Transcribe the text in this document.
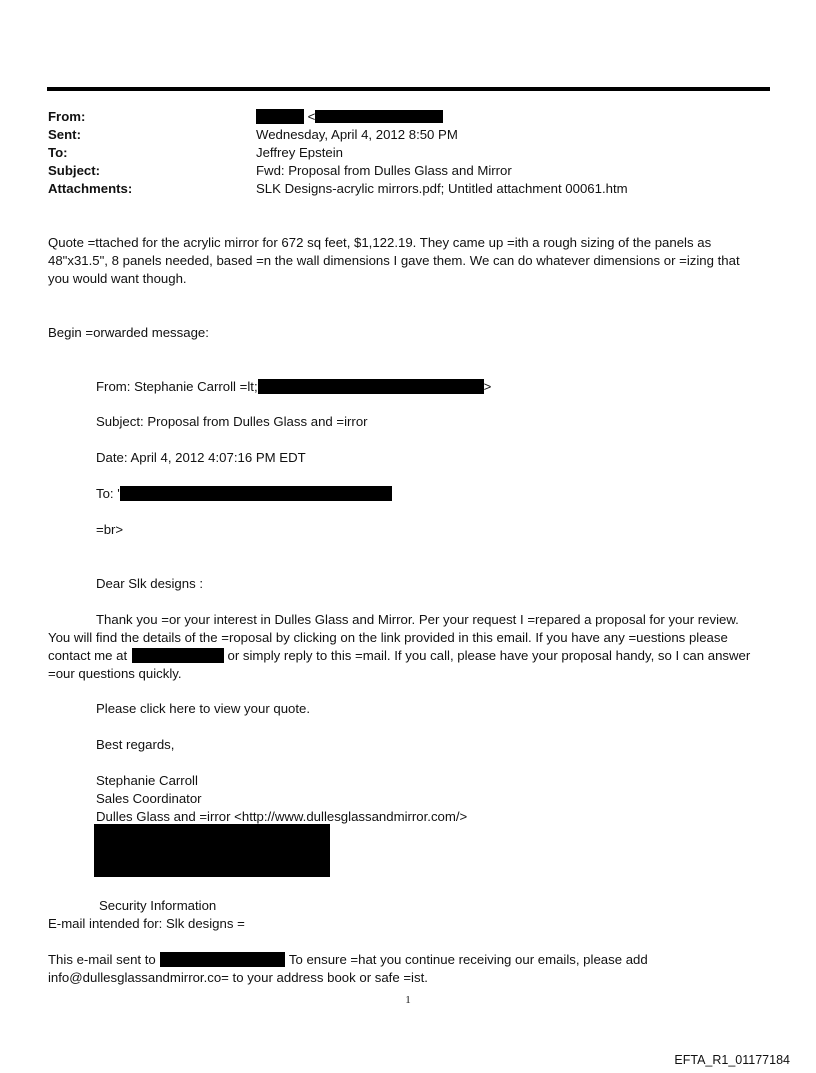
From:	<
Sent:	Wednesday, April 4, 2012 8:50 PM
To:	Jeffrey Epstein
Subject:	Fwd: Proposal from Dulles Glass and Mirror
Attachments:	SLK Designs-acrylic mirrors.pdf; Untitled attachment 00061.htm
Quote =ttached for the acrylic mirror for 672 sq feet, $1,122.19. They came up =ith a rough sizing of the panels as
48"x31.5", 8 panels needed, based =n the wall dimensions I gave them. We can do whatever dimensions or =izing that
you would want though.
Begin =orwarded message:
From: Stephanie Carroll =lt;	>
Subject: Proposal from Dulles Glass and =irror
Date: April 4, 2012 4:07:16 PM EDT
To: '
=br>
Dear Slk designs :
Thank you =or your interest in Dulles Glass and Mirror. Per your request I =repared a proposal for your review.
You will find the details of the =roposal by clicking on the link provided in this email. If you have any =uestions please
contact me at	or simply reply to this =mail. If you call, please have your proposal handy, so I can answer
=our questions quickly.
Please click here to view your quote.
Best regards,
Stephanie Carroll
Sales Coordinator
Dulles Glass and =irror <http://www.dullesglassandmirror.com/>
Security Information
E-mail intended for: Slk designs =
This e-mail sent to	To ensure =hat you continue receiving our emails, please add
info@dullesglassandmirror.co= to your address book or safe =ist.
1
EFTA_R1_01177184
